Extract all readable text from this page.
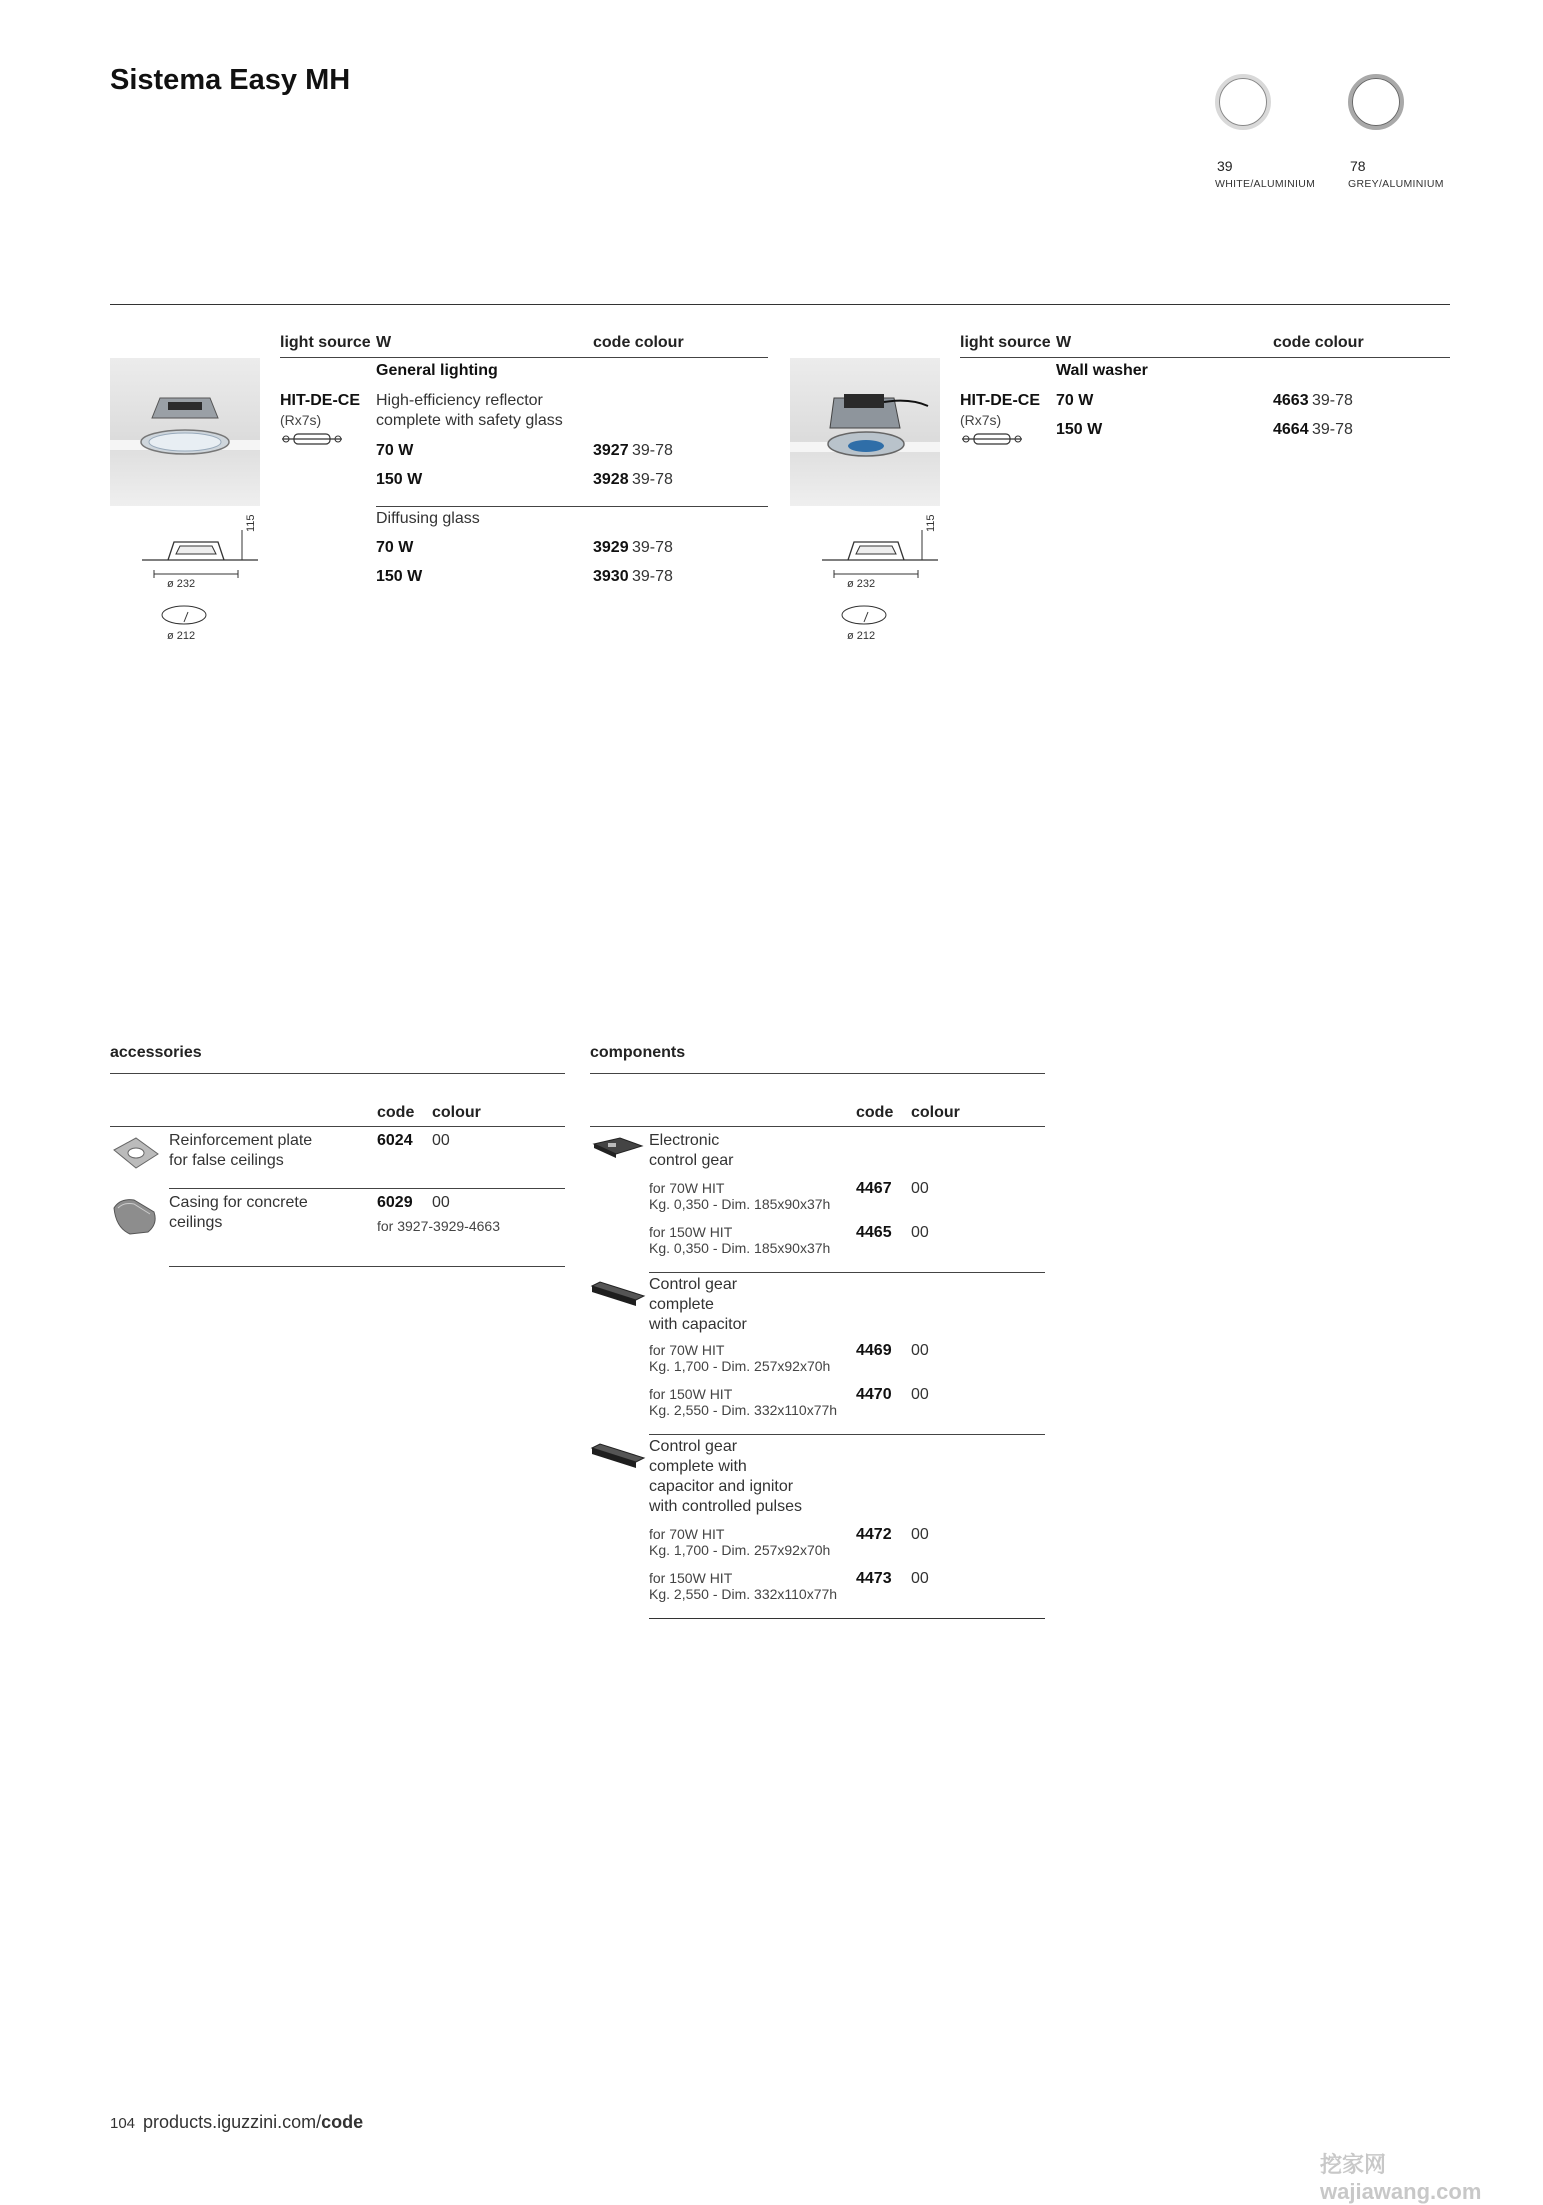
Sistema Easy MH
39
WHITE/ALUMINIUM
78
GREY/ALUMINIUM
light source W	code colour
General lighting
HIT-DE-CE
(Rx7s)
High-efficiency reflector
complete with safety glass
70 W	3927 39-78
150 W	3928 39-78
Diffusing glass
70 W	3929 39-78
150 W	3930 39-78
115
ø 232
ø 212
light source W	code colour
Wall washer
HIT-DE-CE
(Rx7s)
70 W	4663 39-78
150 W	4664 39-78
115
ø 232
ø 212
accessories
code colour
Reinforcement plate
for false ceilings
6024 00
Casing for concrete
ceilings
6029 00
for 3927-3929-4663
components
code colour
Electronic
control gear
for 70W HIT
Kg. 0,350 - Dim. 185x90x37h
4467 00
for 150W HIT
Kg. 0,350 - Dim. 185x90x37h
4465 00
Control gear
complete
with capacitor
for 70W HIT
Kg. 1,700 - Dim. 257x92x70h
4469 00
for 150W HIT
Kg. 2,550 - Dim. 332x110x77h
4470 00
Control gear
complete with
capacitor and ignitor
with controlled pulses
for 70W HIT
Kg. 1,700 - Dim. 257x92x70h
4472 00
for 150W HIT
Kg. 2,550 - Dim. 332x110x77h
4473 00
104 products.iguzzini.com/code
挖家网 wajiawang.com
